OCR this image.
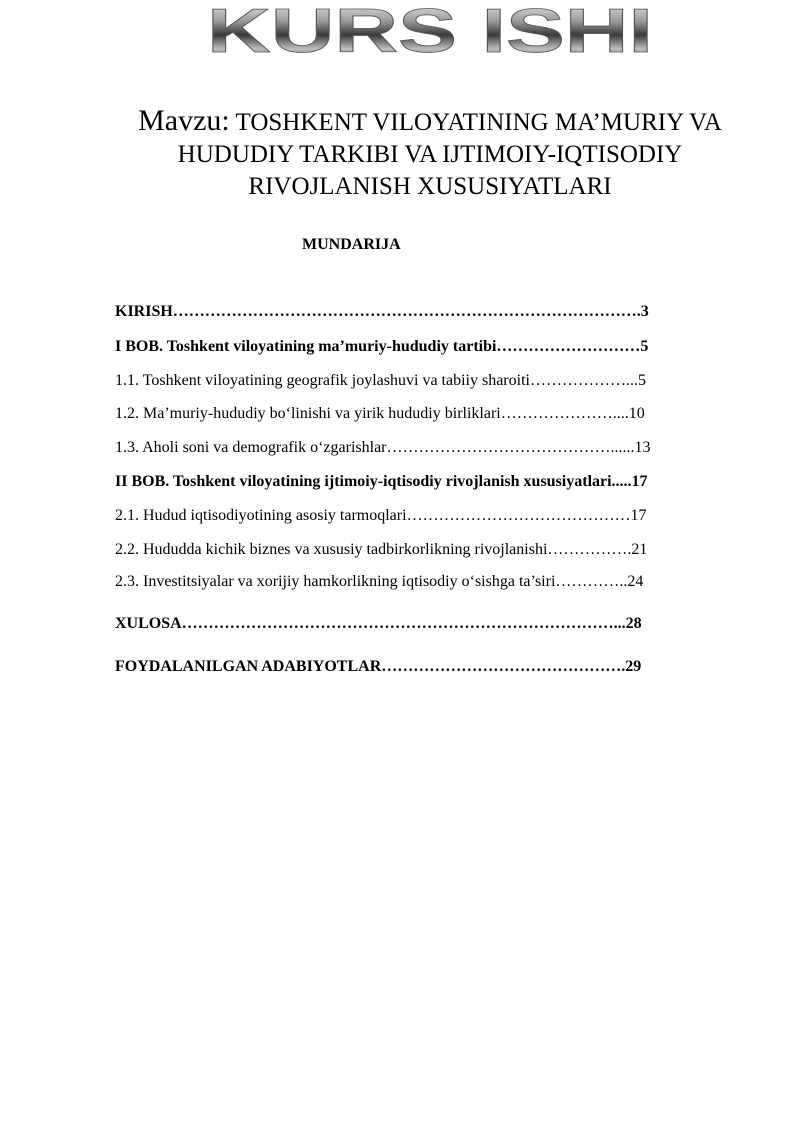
KURS ISHI
Mavzu: TOSHKENT VILOYATINING MA’MURIY VA HUDUDIY TARKIBI VA IJTIMOIY-IQTISODIY RIVOJLANISH XUSUSIYATLARI
MUNDARIJA
KIRISH…………………………………………………………………………….3
I BOB. Toshkent viloyatining ma’muriy-hududiy tartibi………………………5
1.1. Toshkent viloyatining geografik joylashuvi va tabiiy sharoiti………………...5
1.2. Ma’muriy-hududiy bo‘linishi va yirik hududiy birliklari…………………....10
1.3. Aholi soni va demografik o‘zgarishlar……………………………………......13
II BOB. Toshkent viloyatining ijtimoiy-iqtisodiy rivojlanish xususiyatlari.....17
2.1. Hudud iqtisodiyotining asosiy tarmoqlari……………………………………17
2.2. Hududda kichik biznes va xususiy tadbirkorlikning rivojlanishi…………….21
2.3. Investitsiyalar va xorijiy hamkorlikning iqtisodiy o‘sishga ta’siri…………..24
XULOSA………………………………………………………………………...28
FOYDALANILGAN ADABIYOTLAR……………………………………….29
